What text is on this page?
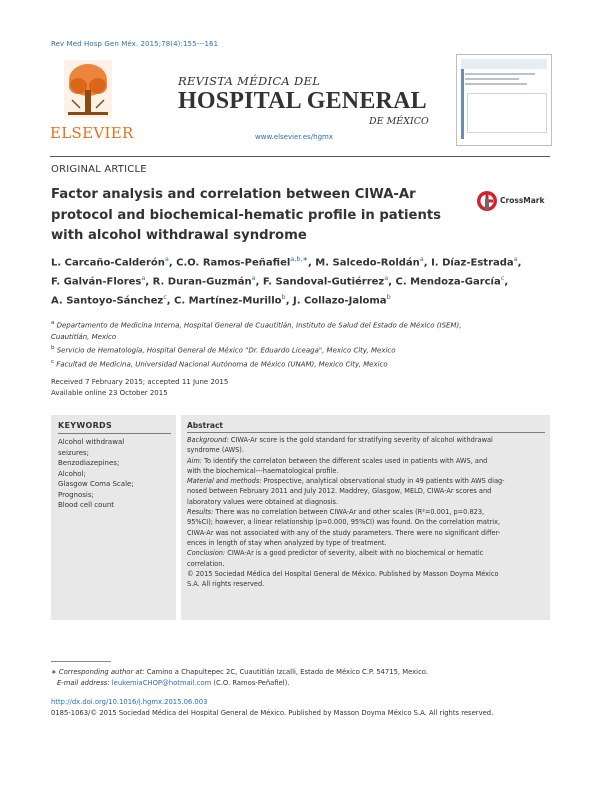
Rev Med Hosp Gen Méx. 2015;78(4):155---161
ELSEVIER
REVISTA MÉDICA DEL
HOSPITAL GENERAL
DE MÉXICO
www.elsevier.es/hgmx
ORIGINAL ARTICLE
Factor analysis and correlation between CIWA-Ar
protocol and biochemical-hematic profile in patients
with alcohol withdrawal syndrome
CrossMark
L. Carcaño-Calderón$^a$, C.O. Ramos-Peñafiel$^{a,b,∗}$, M. Salcedo-Roldán$^a$, I. Díaz-Estrada$^a$,
F. Galván-Flores$^a$, R. Duran-Guzmán$^a$, F. Sandoval-Gutiérrez$^a$, C. Mendoza-García$^c$,
A. Santoyo-Sánchez$^c$, C. Martínez-Murillo$^b$, J. Collazo-Jaloma$^b$
$^a$ Departamento de Medicina Interna, Hospital General de Cuautitlán, Instituto de Salud del Estado de México (ISEM),
Cuautitlán, Mexico
$^b$ Servicio de Hematología, Hospital General de México "Dr. Eduardo Liceaga", Mexico City, Mexico
$^c$ Facultad de Medicina, Universidad Nacional Autónoma de México (UNAM), Mexico City, Mexico
Received 7 February 2015; accepted 11 June 2015
Available online 23 October 2015
KEYWORDS
Alcohol withdrawal
seizures;
Benzodiazepines;
Alcohol;
Glasgow Coma Scale;
Prognosis;
Blood cell count
Abstract
Background: CIWA-Ar score is the gold standard for stratifying severity of alcohol withdrawal
syndrome (AWS).
Aim: To identify the correlaton between the different scales used in patients with AWS, and
with the biochemical---haematological profile.
Material and methods: Prospective, analytical observational study in 49 patients with AWS diag-
nosed between February 2011 and July 2012. Maddrey, Glasgow, MELD, CIWA-Ar scores and
laboratory values were obtained at diagnosis.
Results: There was no correlation between CIWA-Ar and other scales (R²=0.001, p=0.823,
95%CI); however, a linear relationship (p=0.000, 95%CI) was found. On the correlation matrix,
CIWA-Ar was not associated with any of the study parameters. There were no significant differ-
ences in length of stay when analyzed by type of treatment.
Conclusion: CIWA-Ar is a good predictor of severity, albeit with no biochemical or hematic
correlation.
© 2015 Sociedad Médica del Hospital General de México. Published by Masson Doyma México
S.A. All rights reserved.
∗ Corresponding author at: Camino a Chapultepec 2C, Cuautitlán Izcalli, Estado de México C.P. 54715, Mexico.
E-mail address: leukemiaCHOP@hotmail.com (C.O. Ramos-Peñafiel).
http://dx.doi.org/10.1016/j.hgmx.2015.06.003
0185-1063/© 2015 Sociedad Médica del Hospital General de México. Published by Masson Doyma México S.A. All rights reserved.
